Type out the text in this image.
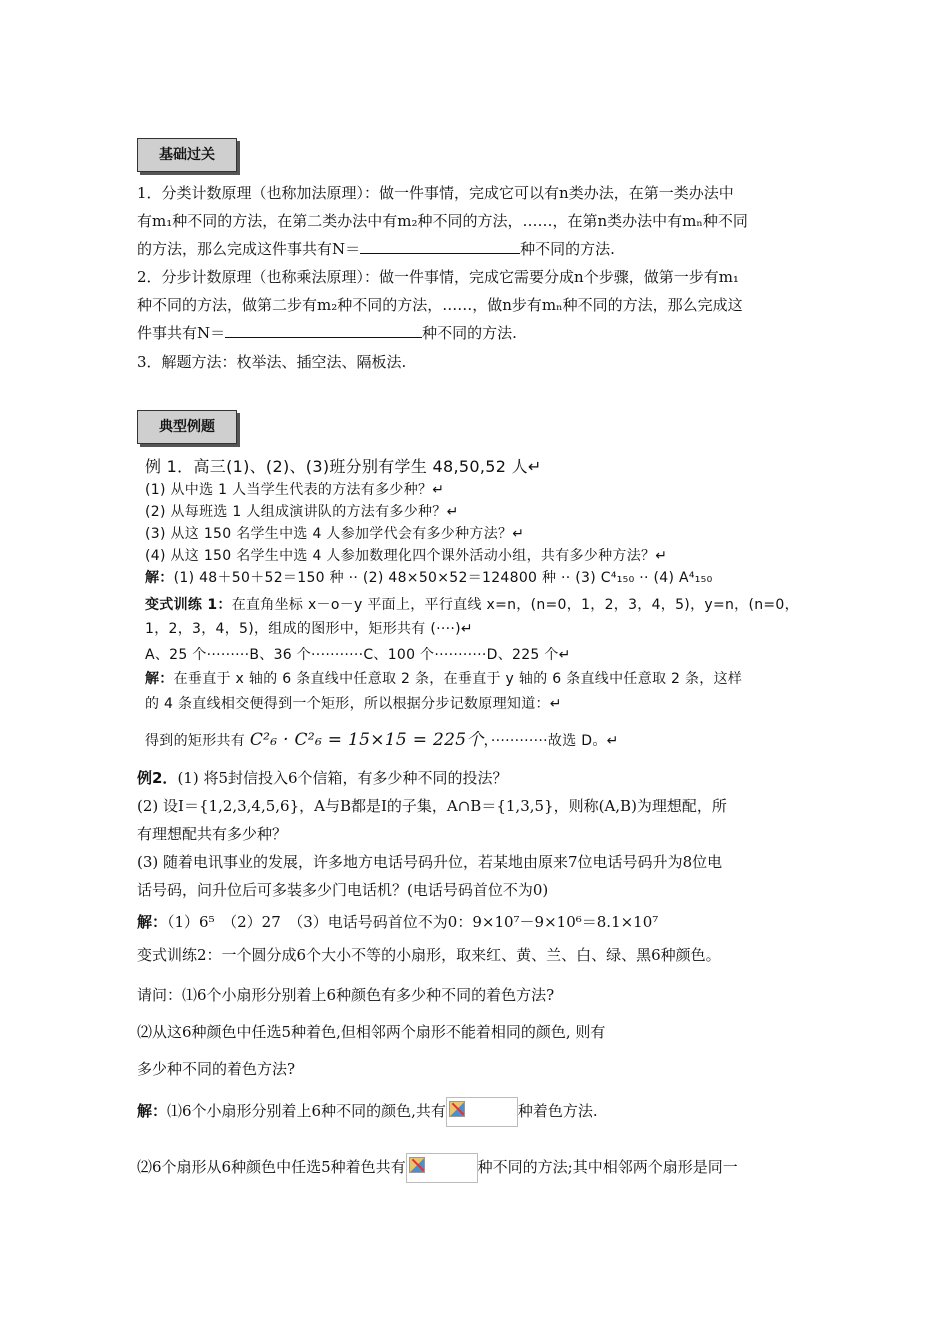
基础过关
1．分类计数原理（也称加法原理）：做一件事情，完成它可以有n类办法，在第一类办法中
有m₁种不同的方法，在第二类办法中有m₂种不同的方法，……，在第n类办法中有mₙ种不同
的方法，那么完成这件事共有N＝	种不同的方法.
2．分步计数原理（也称乘法原理）：做一件事情，完成它需要分成n个步骤，做第一步有m₁
种不同的方法，做第二步有m₂种不同的方法，……，做n步有mₙ种不同的方法，那么完成这
件事共有N＝	种不同的方法.
3．解题方法：枚举法、插空法、隔板法.
典型例题
例 1．高三(1)、(2)、(3)班分别有学生 48,50,52 人↵
(1) 从中选 1 人当学生代表的方法有多少种？↵
(2) 从每班选 1 人组成演讲队的方法有多少种？↵
(3) 从这 150 名学生中选 4 人参加学代会有多少种方法？↵
(4) 从这 150 名学生中选 4 人参加数理化四个课外活动小组，共有多少种方法？↵
解：(1) 48＋50＋52＝150 种 ·· (2) 48×50×52＝124800 种 ·· (3) C⁴₁₅₀ ·· (4) A⁴₁₅₀
变式训练 1：在直角坐标 x－o－y 平面上，平行直线 x=n，(n=0，1，2，3，4，5)，y=n，(n=0，
1，2，3，4，5)，组成的图形中，矩形共有 (····)↵
A、25 个·········B、36 个···········C、100 个···········D、225 个↵
解：在垂直于 x 轴的 6 条直线中任意取 2 条，在垂直于 y 轴的 6 条直线中任意取 2 条，这样
的 4 条直线相交便得到一个矩形，所以根据分步记数原理知道：↵
得到的矩形共有 C²₆ · C²₆ = 15×15 = 225个，············故选 D。↵
例2．(1) 将5封信投入6个信箱，有多少种不同的投法？
(2) 设I＝{1,2,3,4,5,6}，A与B都是I的子集，A∩B＝{1,3,5}，则称(A,B)为理想配，所
有理想配共有多少种？
(3) 随着电讯事业的发展，许多地方电话号码升位，若某地由原来7位电话号码升为8位电
话号码，问升位后可多装多少门电话机？(电话号码首位不为0)
解：（1）6⁵　（2）27　（3）电话号码首位不为0：9×10⁷－9×10⁶＝8.1×10⁷
变式训练2：一个圆分成6个大小不等的小扇形，取来红、黄、兰、白、绿、黑6种颜色。
请问：⑴6个小扇形分别着上6种颜色有多少种不同的着色方法?
⑵从这6种颜色中任选5种着色,但相邻两个扇形不能着相同的颜色, 则有
多少种不同的着色方法?
解：⑴6个小扇形分别着上6种不同的颜色,共有	种着色方法.
⑵6个扇形从6种颜色中任选5种着色共有	种不同的方法;其中相邻两个扇形是同一
